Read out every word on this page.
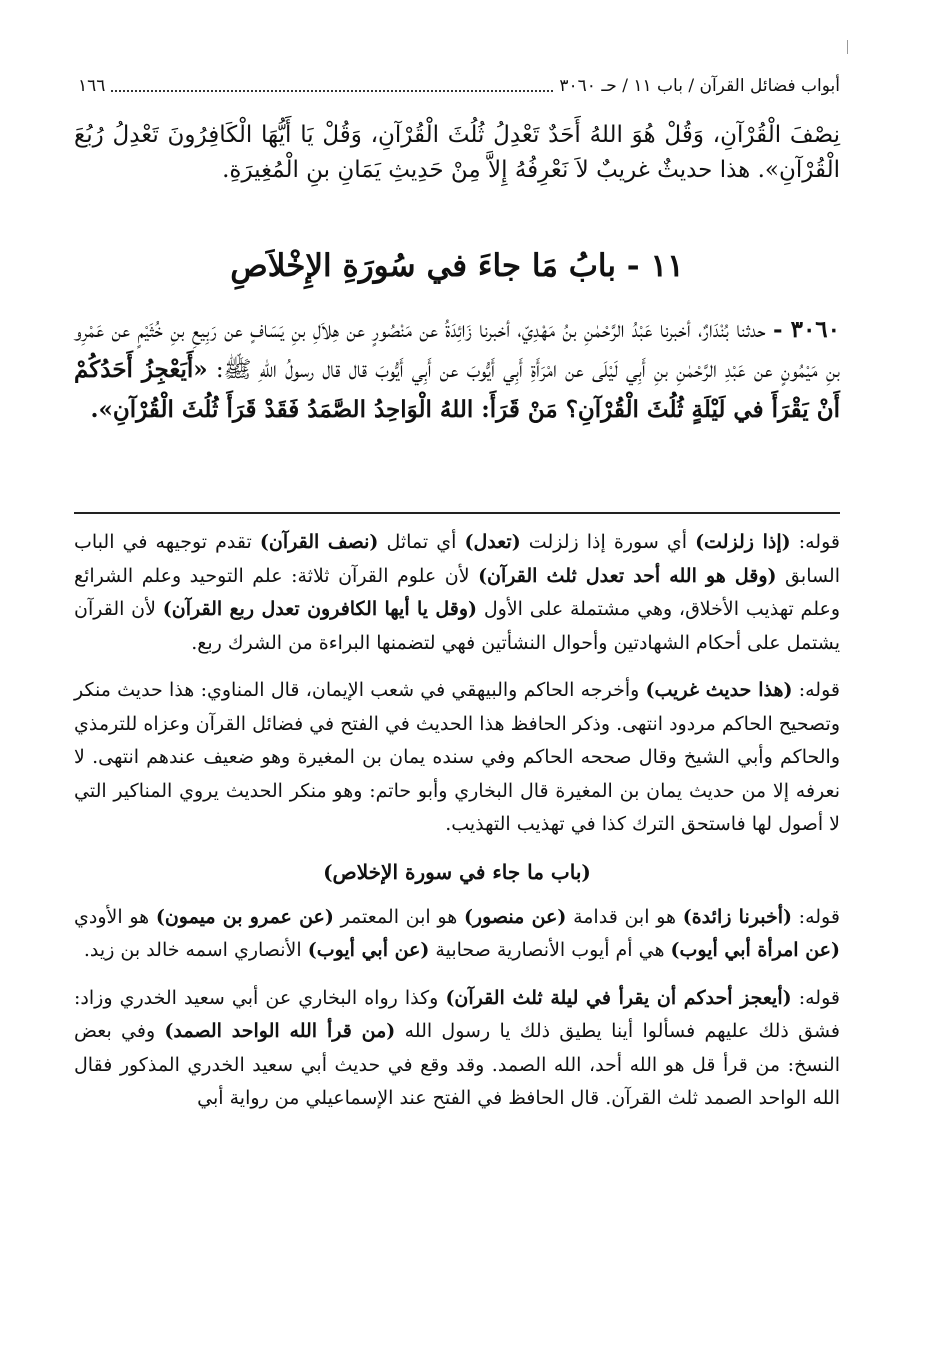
أبواب فضائل القرآن / باب ١١ / حـ ٣٠٦٠
١٦٦

نِصْفَ الْقُرْآنِ، وَقُلْ هُوَ اللهُ أَحَدٌ تَعْدِلُ ثُلُثَ الْقُرْآنِ، وَقُلْ يَا أَيُّهَا الْكَافِرُونَ تَعْدِلُ رُبُعَ الْقُرْآنِ». هذا حديثٌ غريبٌ لاَ نَعْرِفُهُ إِلاَّ مِنْ حَدِيثِ يَمَانِ بنِ الْمُغِيرَةِ.

١١ - بابُ مَا جاءَ في سُورَةِ الإِخْلاَصِ

٣٠٦٠ - حدثنا بُنْدَارٌ، أخبرنا عَبْدُ الرَّحْمٰنِ بنُ مَهْدِيّ، أخبرنا زَائِدَةُ عن مَنْصُورٍ عن هِلاَلِ بنِ يَسَافٍ عن رَبِيعِ بنِ خُثَيْمٍ عن عَمْرِو بنِ مَيْمُونٍ عن عَبْدِ الرَّحْمٰنِ بنِ أَبِي لَيْلَى عن امْرَأَةِ أَبِي أَيُّوبَ عن أَبِي أَيُّوبَ قال قال رسولُ اللهِ ﷺ: «أَيَعْجِزُ أَحَدُكُمْ أَنْ يَقْرَأَ في لَيْلَةٍ ثُلُثَ الْقُرْآنِ؟ مَنْ قَرَأَ: اللهُ الْوَاحِدُ الصَّمَدُ فَقَدْ قَرَأَ ثُلُثَ الْقُرْآنِ».

قوله: (إذا زلزلت) أي سورة إذا زلزلت (تعدل) أي تماثل (نصف القرآن) تقدم توجيهه في الباب السابق (وقل هو الله أحد تعدل ثلث القرآن) لأن علوم القرآن ثلاثة: علم التوحيد وعلم الشرائع وعلم تهذيب الأخلاق، وهي مشتملة على الأول (وقل يا أيها الكافرون تعدل ربع القرآن) لأن القرآن يشتمل على أحكام الشهادتين وأحوال النشأتين فهي لتضمنها البراءة من الشرك ربع.

قوله: (هذا حديث غريب) وأخرجه الحاكم والبيهقي في شعب الإيمان، قال المناوي: هذا حديث منكر وتصحيح الحاكم مردود انتهى. وذكر الحافظ هذا الحديث في الفتح في فضائل القرآن وعزاه للترمذي والحاكم وأبي الشيخ وقال صححه الحاكم وفي سنده يمان بن المغيرة وهو ضعيف عندهم انتهى. لا نعرفه إلا من حديث يمان بن المغيرة قال البخاري وأبو حاتم: وهو منكر الحديث يروي المناكير التي لا أصول لها فاستحق الترك كذا في تهذيب التهذيب.

(باب ما جاء في سورة الإخلاص)

قوله: (أخبرنا زائدة) هو ابن قدامة (عن منصور) هو ابن المعتمر (عن عمرو بن ميمون) هو الأودي (عن امرأة أبي أيوب) هي أم أيوب الأنصارية صحابية (عن أبي أيوب) الأنصاري اسمه خالد بن زيد.

قوله: (أيعجز أحدكم أن يقرأ في ليلة ثلث القرآن) وكذا رواه البخاري عن أبي سعيد الخدري وزاد: فشق ذلك عليهم فسألوا أينا يطيق ذلك يا رسول الله (من قرأ الله الواحد الصمد) وفي بعض النسخ: من قرأ قل هو الله أحد، الله الصمد. وقد وقع في حديث أبي سعيد الخدري المذكور فقال الله الواحد الصمد ثلث القرآن. قال الحافظ في الفتح عند الإسماعيلي من رواية أبي
